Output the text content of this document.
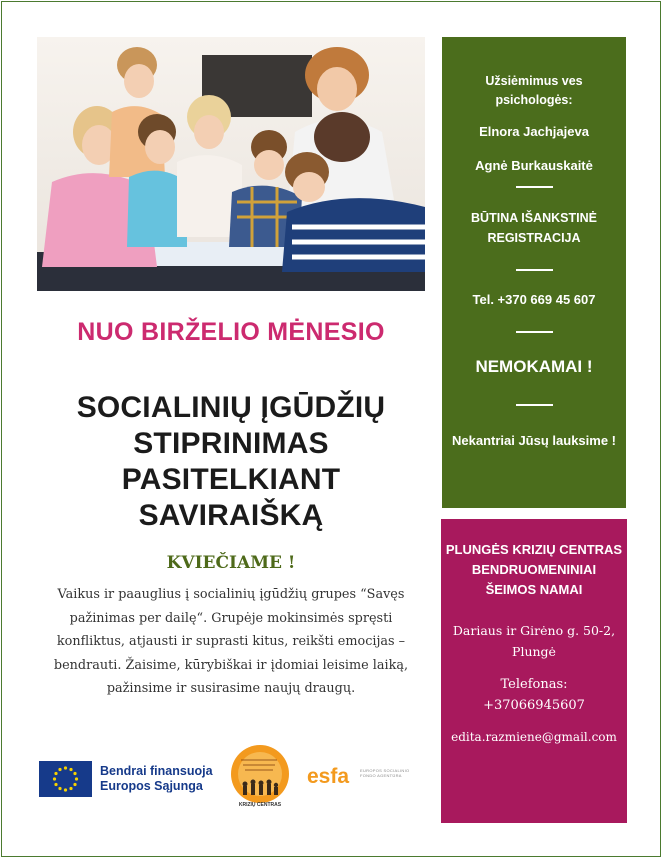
NUO BIRŽELIO MĖNESIO
SOCIALINIŲ ĮGŪDŽIŲ
STIPRINIMAS
PASITELKIANT
SAVIRAIŠKĄ
KVIEČIAME !
Vaikus ir paauglius į socialinių įgūdžių grupes “Savęs pažinimas per dailę“. Grupėje mokinsimės spręsti konfliktus, atjausti ir suprasti kitus, reikšti emocijas – bendrauti. Žaisime, kūrybiškai ir įdomiai leisime laiką, pažinsime ir susirasime naujų draugų.
Užsiėmimus ves psichologės:
Elnora Jachjajeva
Agnė Burkauskaitė
BŪTINA IŠANKSTINĖ REGISTRACIJA
Tel. +370 669 45 607
NEMOKAMAI !
Nekantriai Jūsų lauksime !
PLUNGĖS KRIZIŲ CENTRAS BENDRUOMENINIAI ŠEIMOS NAMAI
Dariaus ir Girėno g. 50-2, Plungė
Telefonas:
+37066945607
edita.razmiene@gmail.com
Bendrai finansuoja Europos Sąjunga
KRIZIŲ CENTRAS
esfa	EUROPOS SOCIALINIO FONDO AGENTŪRA
